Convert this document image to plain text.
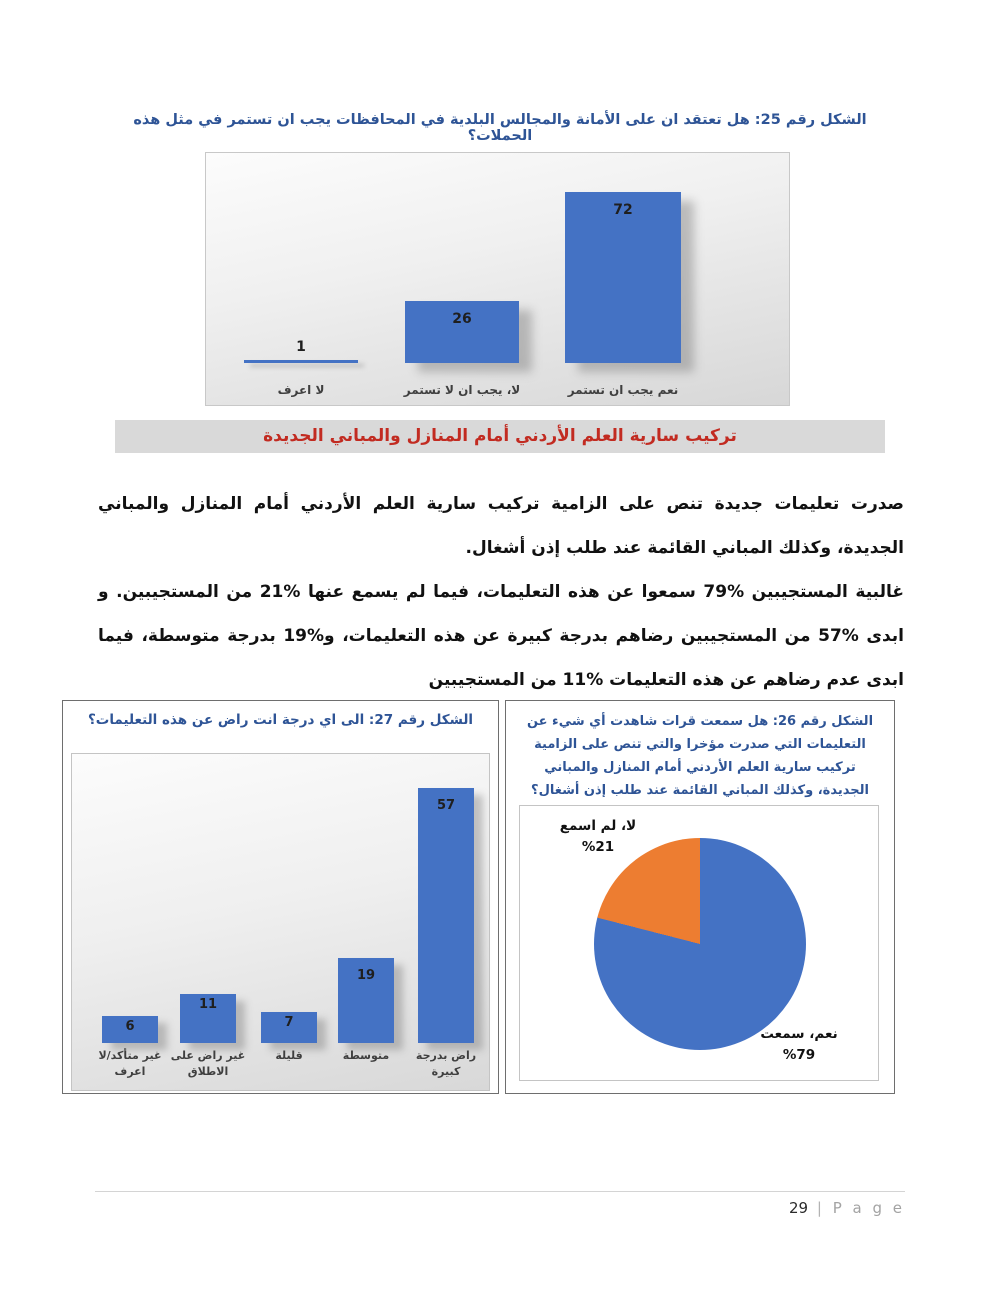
الشكل رقم 25: هل تعتقد ان على الأمانة والمجالس البلدية في المحافظات يجب ان تستمر في مثل هذه الحملات؟
1
26
72
لا اعرف	لا، يجب ان لا تستمر	نعم يجب ان تستمر
تركيب سارية العلم الأردني أمام المنازل والمباني الجديدة
صدرت تعليمات جديدة تنص على الزامية تركيب سارية العلم الأردني أمام المنازل والمباني الجديدة، وكذلك المباني القائمة عند طلب إذن أشغال.
غالبية المستجيبين %79 سمعوا عن هذه التعليمات، فيما لم يسمع عنها %21 من المستجيبين. و ابدى %57 من المستجيبين رضاهم بدرجة كبيرة عن هذه التعليمات، و%19 بدرجة متوسطة، فيما ابدى عدم رضاهم عن هذه التعليمات %11 من المستجيبين
الشكل رقم 27: الى اي درجة انت راض عن هذه التعليمات؟
6
11
7
19
57
غير متأكد/لا اعرف
غير راض على الاطلاق
قليلة	متوسطة	راض بدرجة كبيرة
الشكل رقم 26: هل سمعت قرات شاهدت أي شيء عن التعليمات التي صدرت مؤخرا والتي تنص على الزامية تركيب سارية العلم الأردني أمام المنازل والمباني الجديدة، وكذلك المباني القائمة عند طلب إذن أشغال؟
لا، لم اسمع
%21
نعم، سمعت
%79
29 | P a g e
